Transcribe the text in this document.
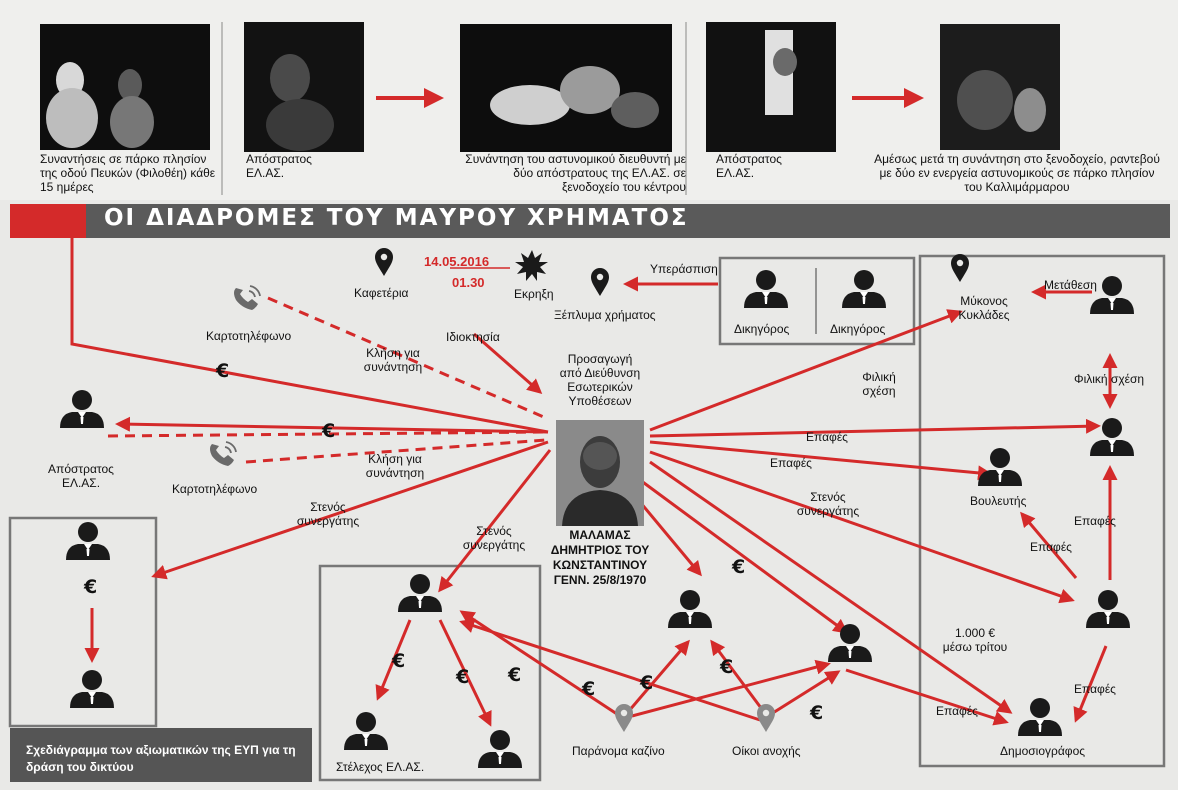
ΟΙ ΔΙΑΔΡΟΜΕΣ ΤΟΥ ΜΑΥΡΟΥ ΧΡΗΜΑΤΟΣ
Συναντήσεις σε πάρκο πλησίον της οδού Πευκών (Φιλοθέη) κάθε 15 ημέρες
Απόστρατος ΕΛ.ΑΣ.
Συνάντηση του αστυνομικού διευθυντή με δύο απόστρατους της ΕΛ.ΑΣ. σε ξενοδοχείο του κέντρου
Απόστρατος ΕΛ.ΑΣ.
Αμέσως μετά τη συνάντηση στο ξενοδοχείο, ραντεβού με δύο εν ενεργεία αστυνομικούς σε πάρκο πλησίον του Καλλιμάρμαρου
Καφετέρια
14.05.2016
01.30
Εκρηξη
Ιδιοκτησία
Υπεράσπιση
Ξέπλυμα χρήματος
Δικηγόρος	Δικηγόρος
Μύκονος Κυκλάδες
Μετάθεση
Καρτοτηλέφωνο
Κλήση για συνάντηση
Προσαγωγή από Διεύθυνση Εσωτερικών Υποθέσεων
Φιλική σχέση
Φιλική σχέση
Απόστρατος ΕΛ.ΑΣ.	Καρτοτηλέφωνο
Κλήση για συνάντηση
Επαφές
Επαφές
Επαφές
Επαφές
Επαφές
Επαφές
Βουλευτής
Στενός συνεργάτης
Στενός συνεργάτης
Στενός συνεργάτης
ΜΑΛΑΜΑΣ ΔΗΜΗΤΡΙΟΣ ΤΟΥ ΚΩΝΣΤΑΝΤΙΝΟΥ ΓΕΝΝ. 25/8/1970
1.000 € μέσω τρίτου
Στέλεχος ΕΛ.ΑΣ.
Παράνομα καζίνο	Οίκοι ανοχής	Δημοσιογράφος
€
€
€
€
€ €
€ €
€
€
€
Σχεδιάγραμμα των αξιωματικών της ΕΥΠ για τη δράση του δικτύου
